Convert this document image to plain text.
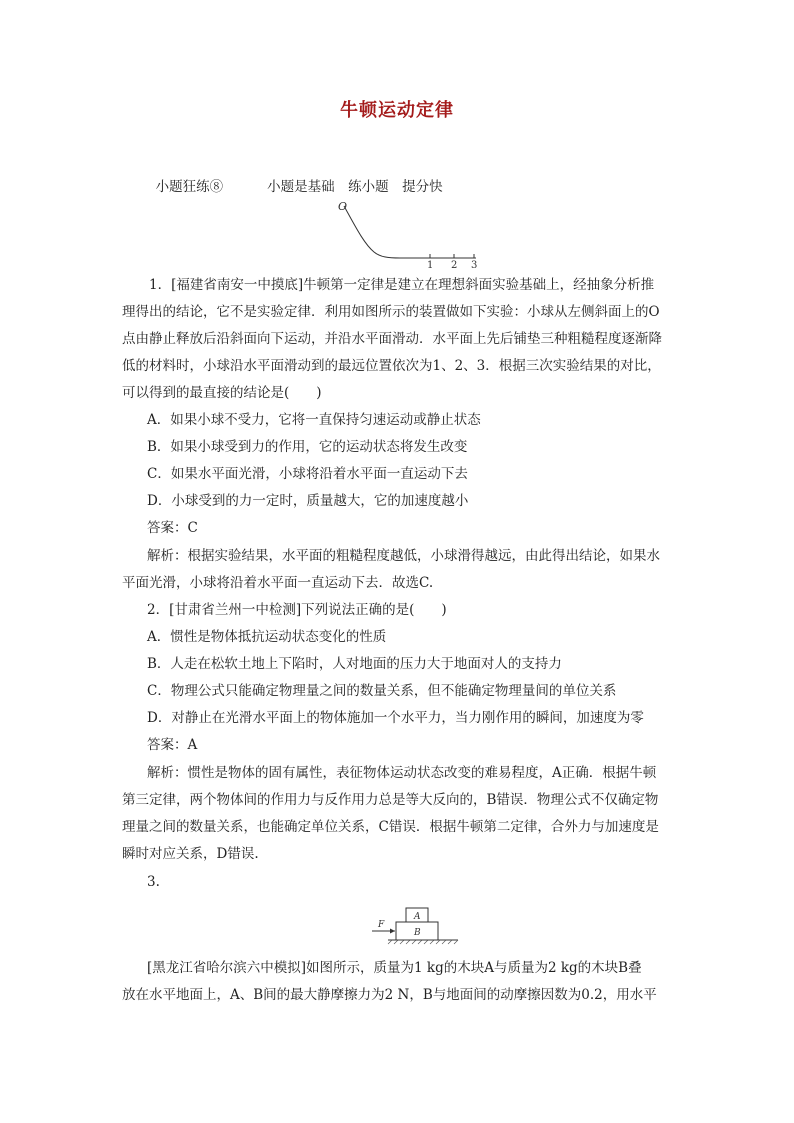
牛顿运动定律

小题狂练⑧	小题是基础　练小题　提分快

O
1 2 3
　　1．[福建省南安一中摸底]牛顿第一定律是建立在理想斜面实验基础上，经抽象分析推
理得出的结论，它不是实验定律．利用如图所示的装置做如下实验：小球从左侧斜面上的O
点由静止释放后沿斜面向下运动，并沿水平面滑动．水平面上先后铺垫三种粗糙程度逐渐降
低的材料时，小球沿水平面滑动到的最远位置依次为1、2、3．根据三次实验结果的对比，
可以得到的最直接的结论是(　　)
A．如果小球不受力，它将一直保持匀速运动或静止状态
B．如果小球受到力的作用，它的运动状态将发生改变
C．如果水平面光滑，小球将沿着水平面一直运动下去
D．小球受到的力一定时，质量越大，它的加速度越小
答案：C
解析：根据实验结果，水平面的粗糙程度越低，小球滑得越远，由此得出结论，如果水
平面光滑，小球将沿着水平面一直运动下去．故选C.
2．[甘肃省兰州一中检测]下列说法正确的是(　　)
A．惯性是物体抵抗运动状态变化的性质
B．人走在松软土地上下陷时，人对地面的压力大于地面对人的支持力
C．物理公式只能确定物理量之间的数量关系，但不能确定物理量间的单位关系
D．对静止在光滑水平面上的物体施加一个水平力，当力刚作用的瞬间，加速度为零
答案：A
解析：惯性是物体的固有属性，表征物体运动状态改变的难易程度，A正确．根据牛顿
第三定律，两个物体间的作用力与反作用力总是等大反向的，B错误．物理公式不仅确定物
理量之间的数量关系，也能确定单位关系，C错误．根据牛顿第二定律，合外力与加速度是
瞬时对应关系，D错误.
3.
A
B
F
[黑龙江省哈尔滨六中模拟]如图所示，质量为1 kg的木块A与质量为2 kg的木块B叠
放在水平地面上，A、B间的最大静摩擦力为2 N，B与地面间的动摩擦因数为0.2，用水平
